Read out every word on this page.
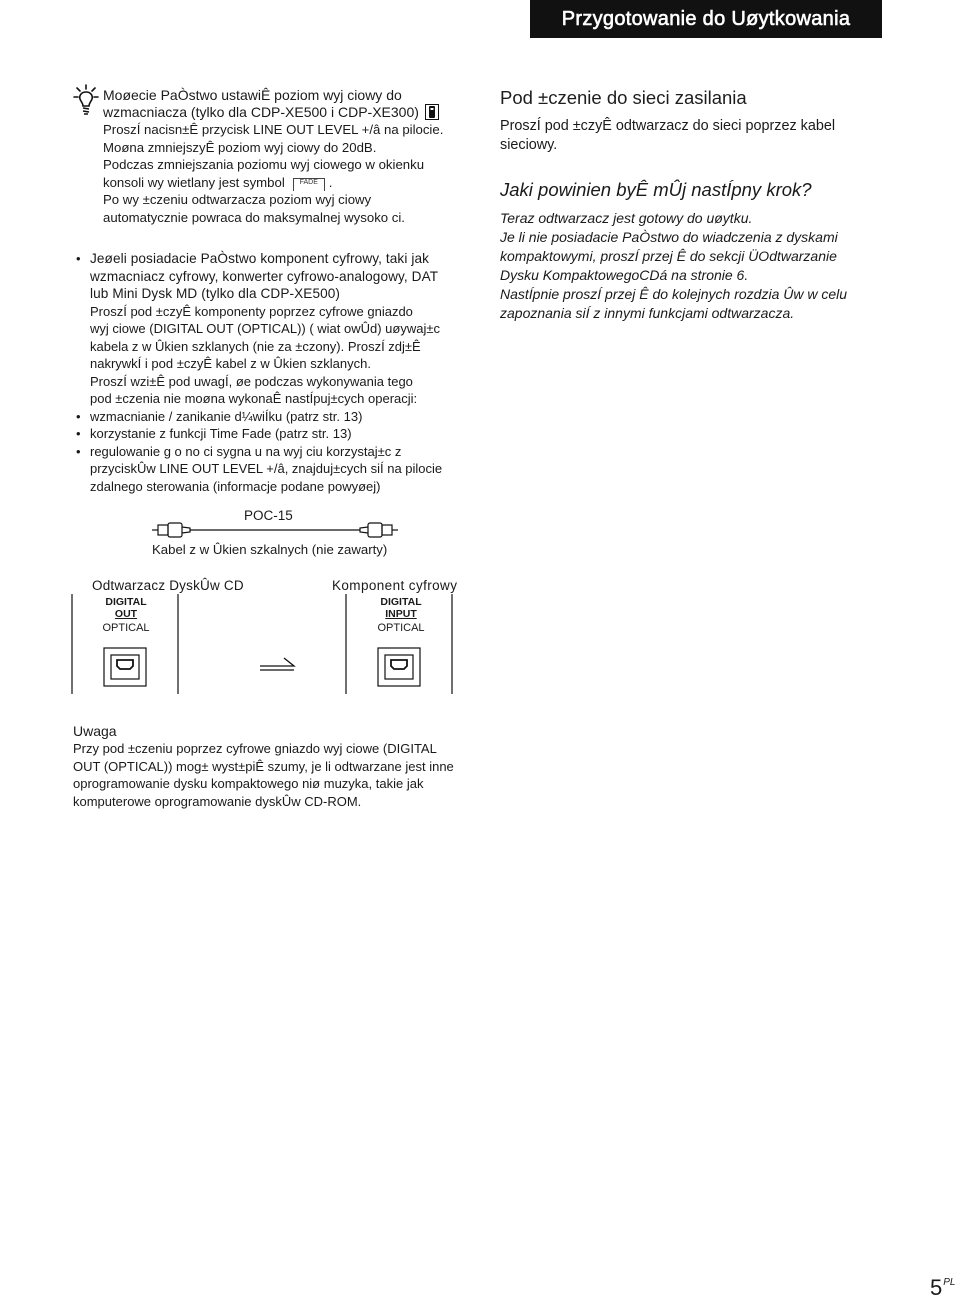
Przygotowanie do Uøytkowania
Moøecie PaÒstwo ustawiÊ poziom wyj ciowy do
wzmacniacza (tylko dla CDP-XE500 i CDP-XE300)
ProszÍ nacisn±Ê przycisk LINE OUT LEVEL +/â na pilocie.
Moøna zmniejszyÊ poziom wyj ciowy do 20dB.
Podczas zmniejszania poziomu wyj ciowego w okienku
konsoli wy wietlany jest symbol FADE .
Po wy ±czeniu odtwarzacza poziom wyj ciowy
automatycznie powraca do maksymalnej wysoko ci.
• Jeøeli posiadacie PaÒstwo komponent cyfrowy, taki jak
wzmacniacz cyfrowy, konwerter cyfrowo-analogowy, DAT
lub Mini Dysk MD (tylko dla CDP-XE500)
ProszÍ pod ±czyÊ komponenty poprzez cyfrowe gniazdo
wyj ciowe (DIGITAL OUT (OPTICAL)) ( wiat owÛd) uøywaj±c
kabela z w Ûkien szklanych (nie za ±czony). ProszÍ zdj±Ê
nakrywkÍ i pod ±czyÊ kabel z w Ûkien szklanych.
ProszÍ wzi±Ê pod uwagÍ, øe podczas wykonywania tego
pod ±czenia nie moøna wykonaÊ nastÍpuj±cych operacji:
• wzmacnianie / zanikanie d¼wiÍku (patrz str. 13)
• korzystanie z funkcji Time Fade (patrz str. 13)
• regulowanie g o no ci sygna u na wyj ciu korzystaj±c z
przyciskÛw LINE OUT LEVEL +/â, znajduj±cych siÍ na pilocie
zdalnego sterowania (informacje podane powyøej)
Pod ±czenie do sieci zasilania
ProszÍ pod ±czyÊ odtwarzacz do sieci poprzez kabel
sieciowy.
Jaki powinien byÊ mÛj nastÍpny krok?
Teraz odtwarzacz jest gotowy do uøytku.
Je li nie posiadacie PaÒstwo do wiadczenia z dyskami
kompaktowymi, proszÍ przej Ê do sekcji ÜOdtwarzanie
Dysku KompaktowegoCDá na stronie 6.
NastÍpnie proszÍ przej Ê do kolejnych rozdzia Ûw w celu
zapoznania siÍ z innymi funkcjami odtwarzacza.
POC-15
Kabel z w Ûkien szkalnych (nie zawarty)
Odtwarzacz DyskÛw CD	Komponent cyfrowy
DIGITAL
OUT
OPTICAL
DIGITAL
INPUT
OPTICAL
Uwaga
Przy pod ±czeniu poprzez cyfrowe gniazdo wyj ciowe (DIGITAL
OUT (OPTICAL)) mog± wyst±piÊ szumy, je li odtwarzane jest inne
oprogramowanie dysku kompaktowego niø muzyka, takie jak
komputerowe oprogramowanie dyskÛw CD-ROM.
$5^{PL}$
